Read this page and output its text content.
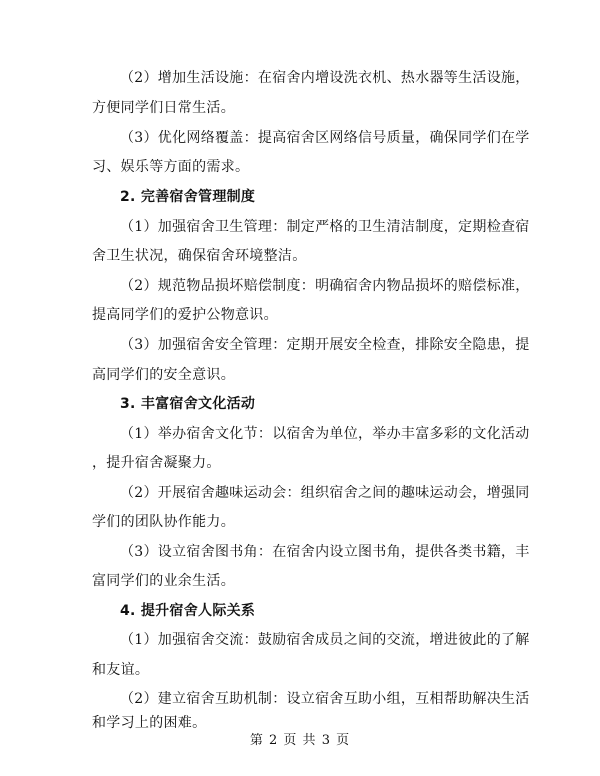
（2）增加生活设施：在宿舍内增设洗衣机、热水器等生活设施，
方便同学们日常生活。
（3）优化网络覆盖：提高宿舍区网络信号质量，确保同学们在学
习、娱乐等方面的需求。
2. 完善宿舍管理制度
（1）加强宿舍卫生管理：制定严格的卫生清洁制度，定期检查宿
舍卫生状况，确保宿舍环境整洁。
（2）规范物品损坏赔偿制度：明确宿舍内物品损坏的赔偿标准，
提高同学们的爱护公物意识。
（3）加强宿舍安全管理：定期开展安全检查，排除安全隐患，提
高同学们的安全意识。
3. 丰富宿舍文化活动
（1）举办宿舍文化节：以宿舍为单位，举办丰富多彩的文化活动
，提升宿舍凝聚力。
（2）开展宿舍趣味运动会：组织宿舍之间的趣味运动会，增强同
学们的团队协作能力。
（3）设立宿舍图书角：在宿舍内设立图书角，提供各类书籍，丰
富同学们的业余生活。
4. 提升宿舍人际关系
（1）加强宿舍交流：鼓励宿舍成员之间的交流，增进彼此的了解
和友谊。
（2）建立宿舍互助机制：设立宿舍互助小组，互相帮助解决生活
和学习上的困难。
第 2 页 共 3 页
